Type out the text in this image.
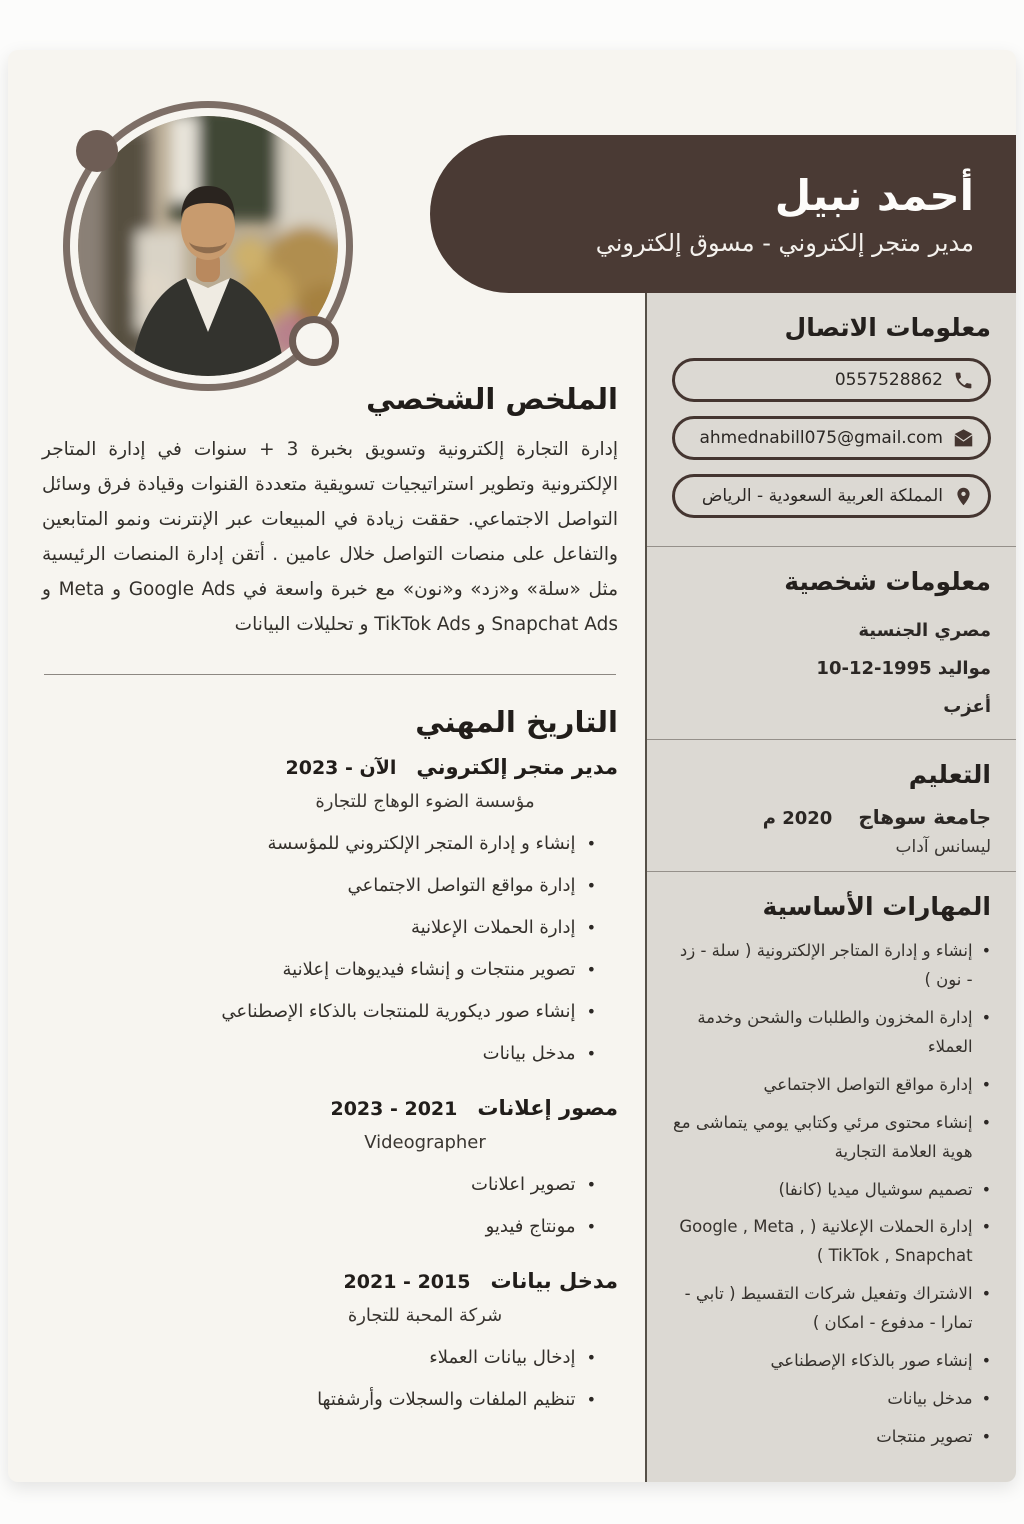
أحمد نبيل
مدير متجر إلكتروني - مسوق إلكتروني
الملخص الشخصي

إدارة التجارة إلكترونية وتسويق بخبرة 3 + سنوات في إدارة المتاجر الإلكترونية وتطوير استراتيجيات تسويقية متعددة القنوات وقيادة فرق وسائل التواصل الاجتماعي. حققت زيادة في المبيعات عبر الإنترنت ونمو المتابعين والتفاعل على منصات التواصل خلال عامين . أتقن إدارة المنصات الرئيسية مثل «سلة» و«زد» و«نون» مع خبرة واسعة في Google Ads و Meta و Snapchat Ads و TikTok Ads و تحليلات البيانات

التاريخ المهني
مدير متجر إلكتروني
الآن - 2023
مؤسسة الضوء الوهاج للتجارة
•
إنشاء و إدارة المتجر الإلكتروني للمؤسسة
•
إدارة مواقع التواصل الاجتماعي
•
إدارة الحملات الإعلانية
•
تصوير منتجات و إنشاء فيديوهات إعلانية
•
إنشاء صور ديكورية للمنتجات بالذكاء الإصطناعي
•
مدخل بيانات
مصور إعلانات
2021 - 2023
Videographer
•
تصوير اعلانات
•
مونتاج فيديو
مدخل بيانات
2015 - 2021
شركة المحبة للتجارة
•
إدخال بيانات العملاء
•
تنظيم الملفات والسجلات وأرشفتها
معلومات الاتصال
0557528862
ahmednabill075@gmail.com
المملكة العربية السعودية - الرياض
معلومات شخصية
مصري الجنسية
مواليد 1995-12-10
أعزب
التعليم
جامعة سوهاج
2020 م
ليسانس آداب
المهارات الأساسية
•
إنشاء و إدارة المتاجر الإلكترونية ( سلة - زد - نون )
•
إدارة المخزون والطلبات والشحن وخدمة العملاء
•
إدارة مواقع التواصل الاجتماعي
•
إنشاء محتوى مرئي وكتابي يومي يتماشى مع هوية العلامة التجارية
•
تصميم سوشيال ميديا (كانفا)
•
إدارة الحملات الإعلانية ( Google , Meta , TikTok , Snapchat )
•
الاشتراك وتفعيل شركات التقسيط ( تابي - تمارا - مدفوع - امكان )
•
إنشاء صور بالذكاء الإصطناعي
•
مدخل بيانات
•
تصوير منتجات
